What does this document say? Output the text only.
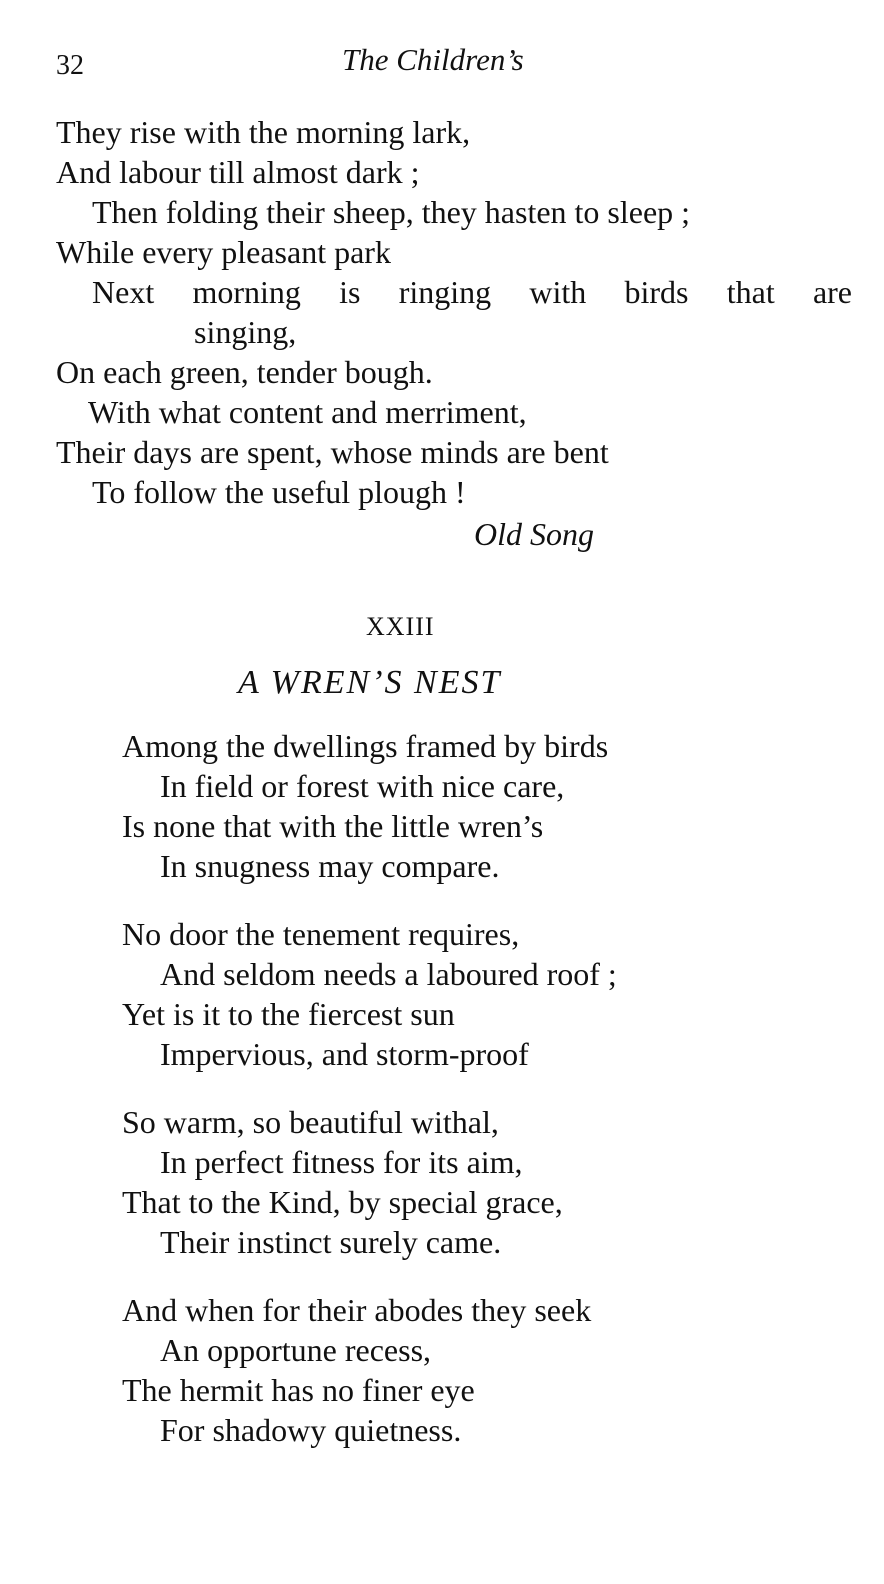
32	The Children’s
They rise with the morning lark,
And labour till almost dark ;
Then folding their sheep, they hasten to sleep ;
While every pleasant park
Next morning is ringing with birds that are
singing,
On each green, tender bough.
With what content and merriment,
Their days are spent, whose minds are bent
To follow the useful plough !
Old Song
XXIII
A WREN’S NEST
Among the dwellings framed by birds
In field or forest with nice care,
Is none that with the little wren’s
In snugness may compare.
No door the tenement requires,
And seldom needs a laboured roof ;
Yet is it to the fiercest sun
Impervious, and storm-proof
So warm, so beautiful withal,
In perfect fitness for its aim,
That to the Kind, by special grace,
Their instinct surely came.
And when for their abodes they seek
An opportune recess,
The hermit has no finer eye
For shadowy quietness.
